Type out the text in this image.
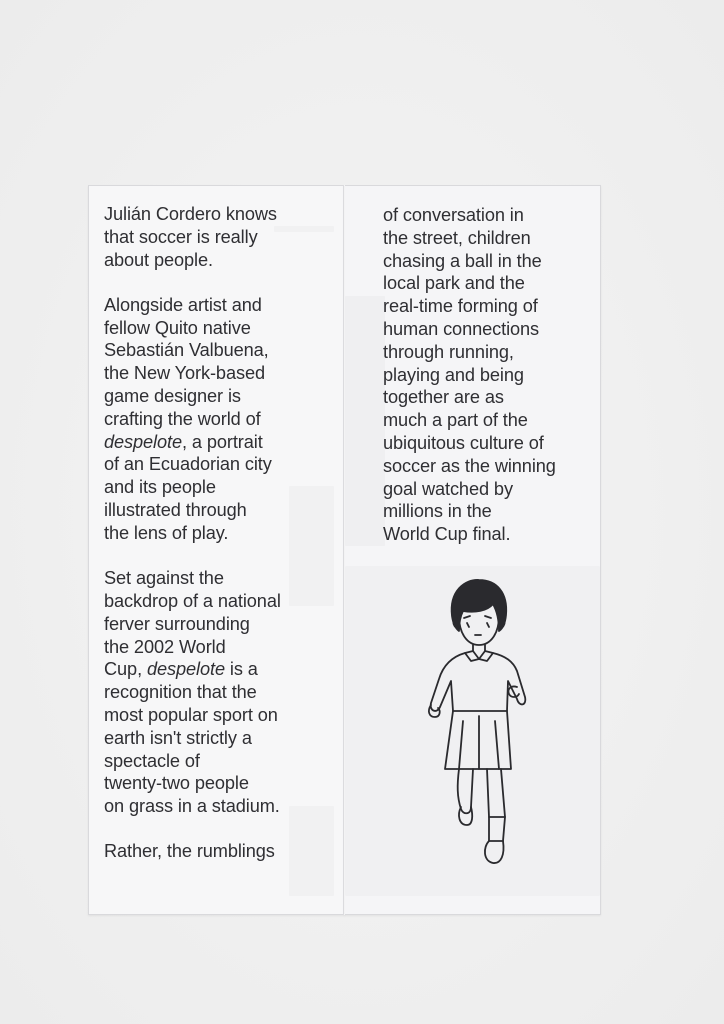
Julián Cordero knows
that soccer is really
about people.

Alongside artist and
fellow Quito native
Sebastián Valbuena,
the New York-based
game designer is
crafting the world of
despelote, a portrait
of an Ecuadorian city
and its people
illustrated through
the lens of play.

Set against the
backdrop of a national
ferver surrounding
the 2002 World
Cup, despelote is a
recognition that the
most popular sport on
earth isn't strictly a
spectacle of
twenty-two people
on grass in a stadium.

Rather, the rumblings

of conversation in
the street, children
chasing a ball in the
local park and the
real-time forming of
human connections
through running,
playing and being
together are as
much a part of the
ubiquitous culture of
soccer as the winning
goal watched by
millions in the
World Cup final.
